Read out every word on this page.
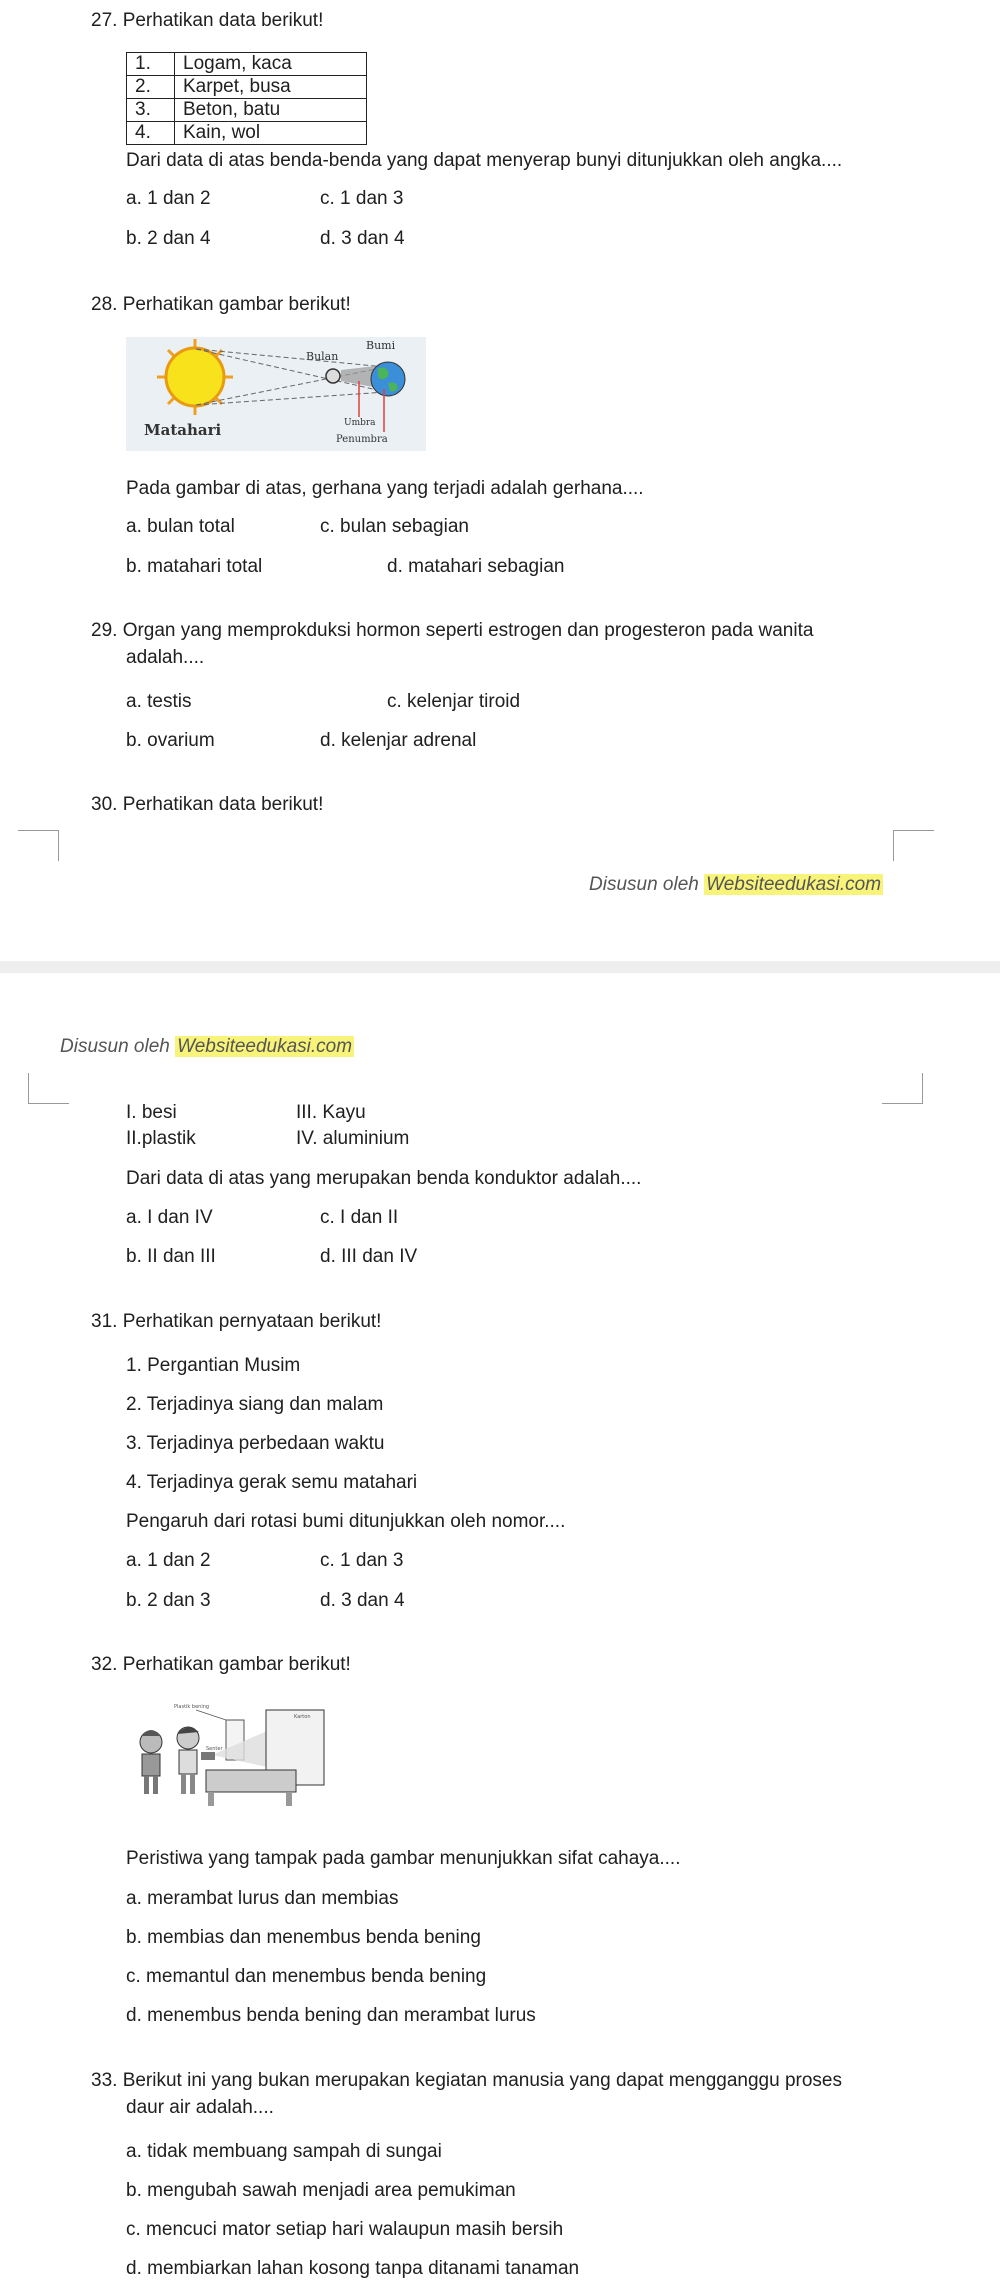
27. Perhatikan data berikut!
1.	Logam, kaca
2.	Karpet, busa
3.	Beton, batu
4.	Kain, wol
Dari data di atas benda-benda yang dapat menyerap bunyi ditunjukkan oleh angka....
a. 1 dan 2	c. 1 dan 3
b. 2 dan 4	d. 3 dan 4
28. Perhatikan gambar berikut!
Matahari
Bulan
Bumi
Umbra
Penumbra
Pada gambar di atas, gerhana yang terjadi adalah gerhana....
a. bulan total	c. bulan sebagian
b. matahari total	d. matahari sebagian
29. Organ yang memprokduksi hormon seperti estrogen dan progesteron pada wanita
adalah....
a. testis	c. kelenjar tiroid
b. ovarium	d. kelenjar adrenal
30. Perhatikan data berikut!
Disusun oleh Websiteedukasi.com
Disusun oleh Websiteedukasi.com
I. besi	III. Kayu
II.plastik	IV. aluminium
Dari data di atas yang merupakan benda konduktor adalah....
a. I dan IV	c. I dan II
b. II dan III	d. III dan IV
31. Perhatikan pernyataan berikut!
1. Pergantian Musim
2. Terjadinya siang dan malam
3. Terjadinya perbedaan waktu
4. Terjadinya gerak semu matahari
Pengaruh dari rotasi bumi ditunjukkan oleh nomor....
a. 1 dan 2	c. 1 dan 3
b. 2 dan 3	d. 3 dan 4
32. Perhatikan gambar berikut!
Plastik bening
Karton
Senter
Peristiwa yang tampak pada gambar menunjukkan sifat cahaya....
a. merambat lurus dan membias
b. membias dan menembus benda bening
c. memantul dan menembus benda bening
d. menembus benda bening dan merambat lurus
33. Berikut ini yang bukan merupakan kegiatan manusia yang dapat mengganggu proses
daur air adalah....
a. tidak membuang sampah di sungai
b. mengubah sawah menjadi area pemukiman
c. mencuci mator setiap hari walaupun masih bersih
d. membiarkan lahan kosong tanpa ditanami tanaman
